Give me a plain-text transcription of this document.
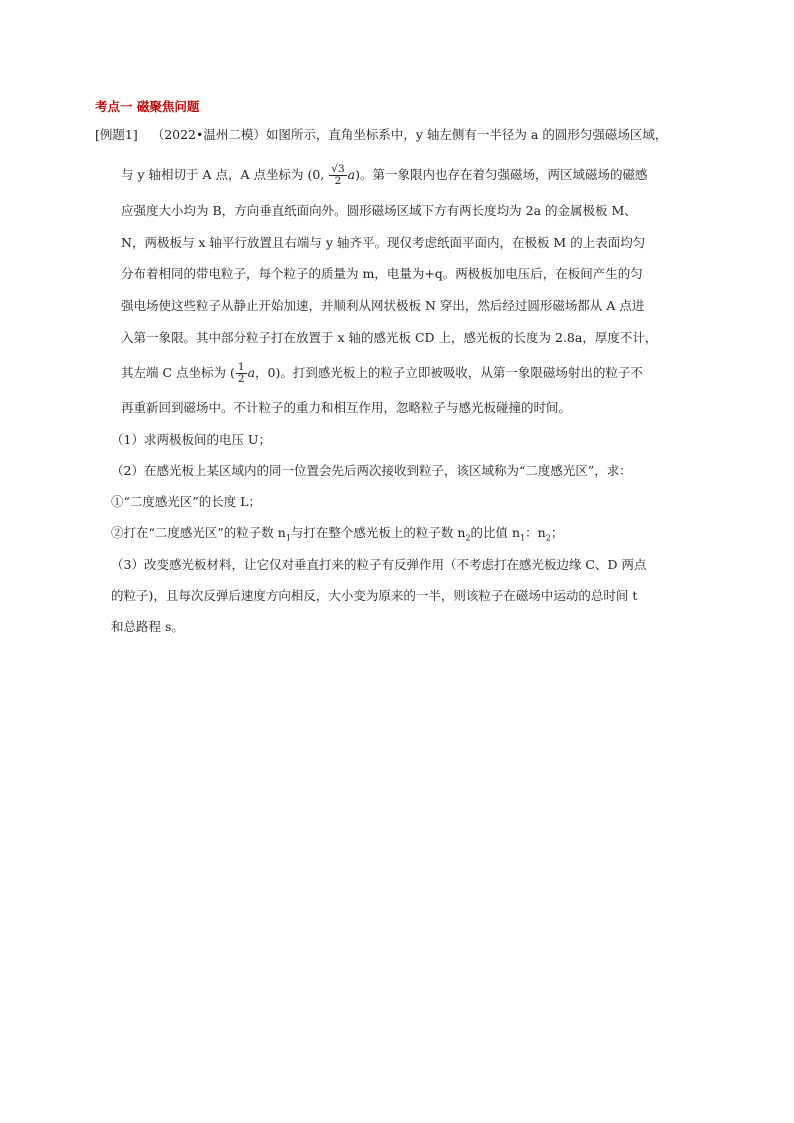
考点一 磁聚焦问题
[例题1] （2022•温州二模）如图所示，直角坐标系中，y 轴左侧有一半径为 a 的圆形匀强磁场区域，
与 y 轴相切于 A 点，A 点坐标为 (0, $\frac{√3}{2} a$)。第一象限内也存在着匀强磁场，两区域磁场的磁感
应强度大小均为 B，方向垂直纸面向外。圆形磁场区域下方有两长度均为 2a 的金属极板 M、
N，两极板与 x 轴平行放置且右端与 y 轴齐平。现仅考虑纸面平面内，在极板 M 的上表面均匀
分布着相同的带电粒子，每个粒子的质量为 m，电量为+q。两极板加电压后，在板间产生的匀
强电场使这些粒子从静止开始加速，并顺利从网状极板 N 穿出，然后经过圆形磁场都从 A 点进
入第一象限。其中部分粒子打在放置于 x 轴的感光板 CD 上，感光板的长度为 2.8a，厚度不计，
其左端 C 点坐标为 ( $\frac{1}{2}$ a，0)。打到感光板上的粒子立即被吸收，从第一象限磁场射出的粒子不
再重新回到磁场中。不计粒子的重力和相互作用，忽略粒子与感光板碰撞的时间。
（1）求两极板间的电压 U；
（2）在感光板上某区域内的同一位置会先后两次接收到粒子，该区域称为“二度感光区”，求：
①“二度感光区”的长度 L；
②打在“二度感光区”的粒子数 $n_1$与打在整个感光板上的粒子数 $n_2$的比值 $n_1$：$n_2$；
（3）改变感光板材料，让它仅对垂直打来的粒子有反弹作用（不考虑打在感光板边缘 C、D 两点
的粒子)，且每次反弹后速度方向相反，大小变为原来的一半，则该粒子在磁场中运动的总时间 t
和总路程 s。
